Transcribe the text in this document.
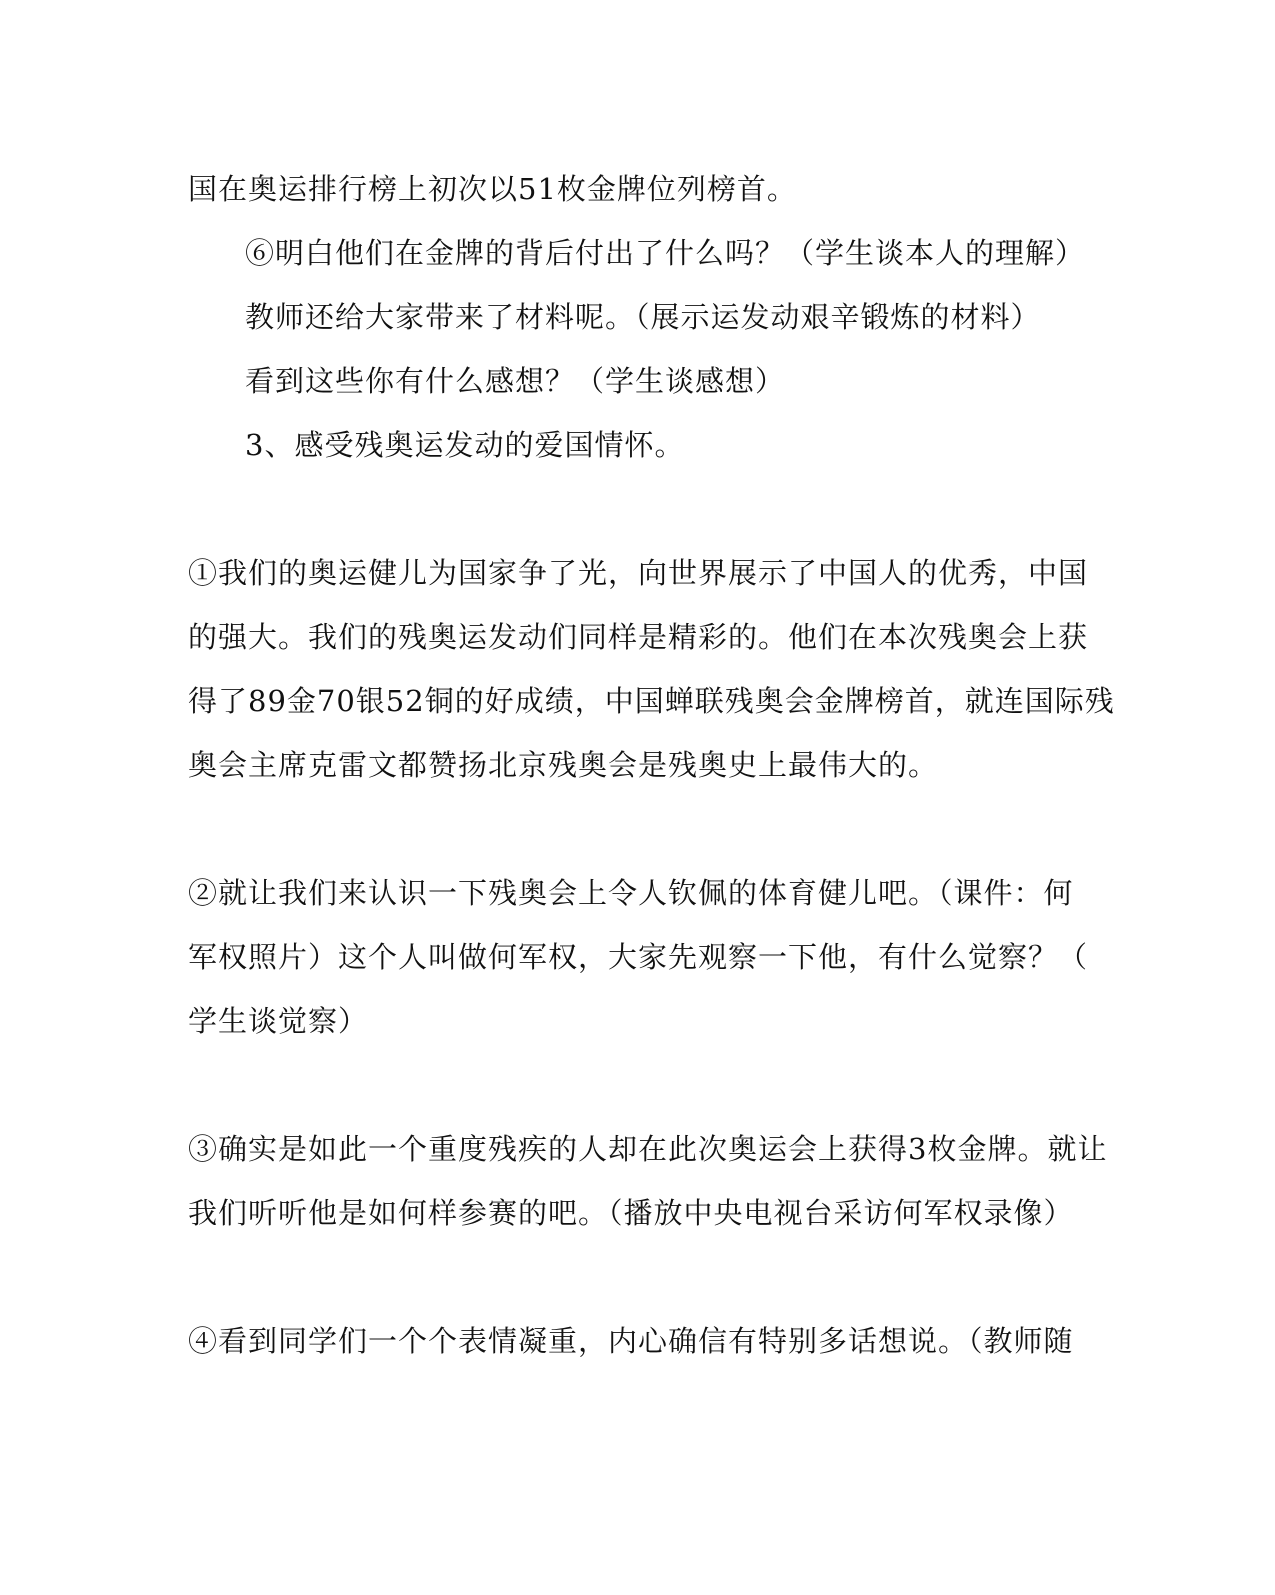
国在奥运排行榜上初次以51枚金牌位列榜首。
⑥明白他们在金牌的背后付出了什么吗？（学生谈本人的理解）
教师还给大家带来了材料呢。（展示运发动艰辛锻炼的材料）
看到这些你有什么感想？（学生谈感想）
3、感受残奥运发动的爱国情怀。
①我们的奥运健儿为国家争了光，向世界展示了中国人的优秀，中国
的强大。我们的残奥运发动们同样是精彩的。他们在本次残奥会上获
得了89金70银52铜的好成绩，中国蝉联残奥会金牌榜首，就连国际残
奥会主席克雷文都赞扬北京残奥会是残奥史上最伟大的。
②就让我们来认识一下残奥会上令人钦佩的体育健儿吧。（课件：何
军权照片）这个人叫做何军权，大家先观察一下他，有什么觉察？（
学生谈觉察）
③确实是如此一个重度残疾的人却在此次奥运会上获得3枚金牌。就让
我们听听他是如何样参赛的吧。（播放中央电视台采访何军权录像）
④看到同学们一个个表情凝重，内心确信有特别多话想说。（教师随
